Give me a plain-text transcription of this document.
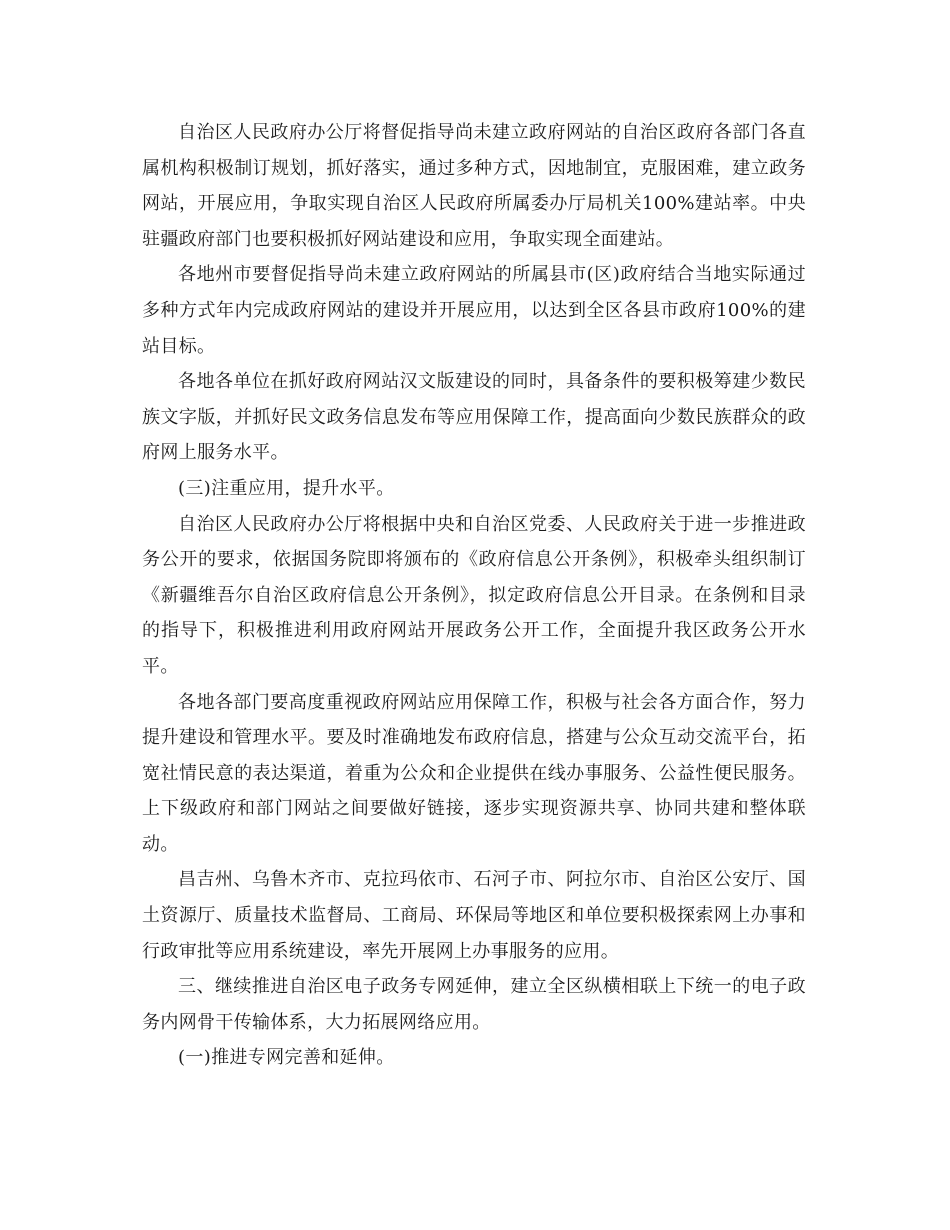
自治区人民政府办公厅将督促指导尚未建立政府网站的自治区政府各部门各直属机构积极制订规划，抓好落实，通过多种方式，因地制宜，克服困难，建立政务网站，开展应用，争取实现自治区人民政府所属委办厅局机关100%建站率。中央驻疆政府部门也要积极抓好网站建设和应用，争取实现全面建站。

各地州市要督促指导尚未建立政府网站的所属县市(区)政府结合当地实际通过多种方式年内完成政府网站的建设并开展应用，以达到全区各县市政府100%的建站目标。

各地各单位在抓好政府网站汉文版建设的同时，具备条件的要积极筹建少数民族文字版，并抓好民文政务信息发布等应用保障工作，提高面向少数民族群众的政府网上服务水平。

(三)注重应用，提升水平。

自治区人民政府办公厅将根据中央和自治区党委、人民政府关于进一步推进政务公开的要求，依据国务院即将颁布的《政府信息公开条例》，积极牵头组织制订《新疆维吾尔自治区政府信息公开条例》，拟定政府信息公开目录。在条例和目录的指导下，积极推进利用政府网站开展政务公开工作，全面提升我区政务公开水平。

各地各部门要高度重视政府网站应用保障工作，积极与社会各方面合作，努力提升建设和管理水平。要及时准确地发布政府信息，搭建与公众互动交流平台，拓宽社情民意的表达渠道，着重为公众和企业提供在线办事服务、公益性便民服务。上下级政府和部门网站之间要做好链接，逐步实现资源共享、协同共建和整体联动。

昌吉州、乌鲁木齐市、克拉玛依市、石河子市、阿拉尔市、自治区公安厅、国土资源厅、质量技术监督局、工商局、环保局等地区和单位要积极探索网上办事和行政审批等应用系统建设，率先开展网上办事服务的应用。

三、继续推进自治区电子政务专网延伸，建立全区纵横相联上下统一的电子政务内网骨干传输体系，大力拓展网络应用。

(一)推进专网完善和延伸。
